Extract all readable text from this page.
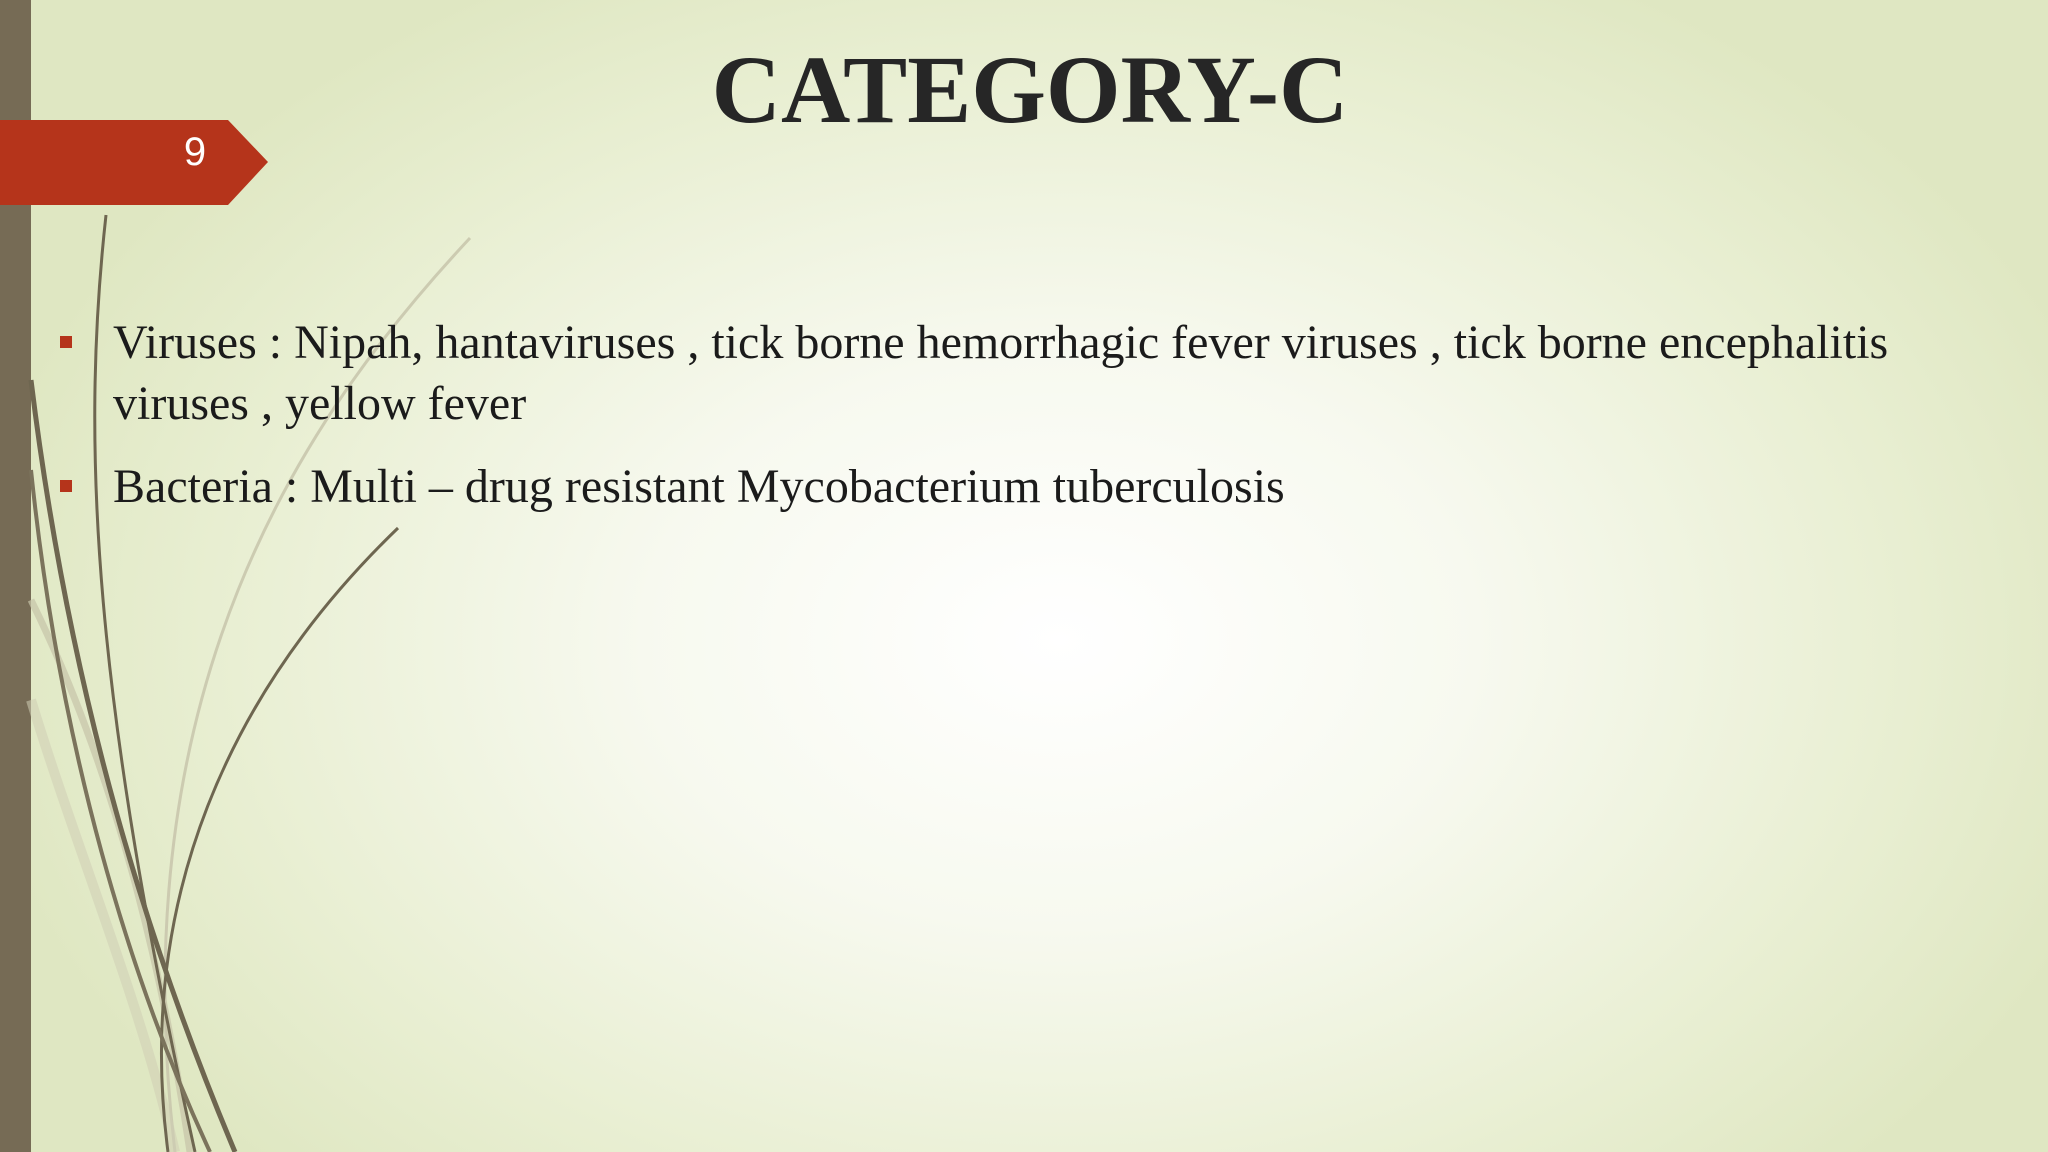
9
CATEGORY-C
Viruses : Nipah, hantaviruses , tick borne hemorrhagic fever viruses , tick borne encephalitis viruses , yellow fever
Bacteria : Multi – drug resistant Mycobacterium tuberculosis
